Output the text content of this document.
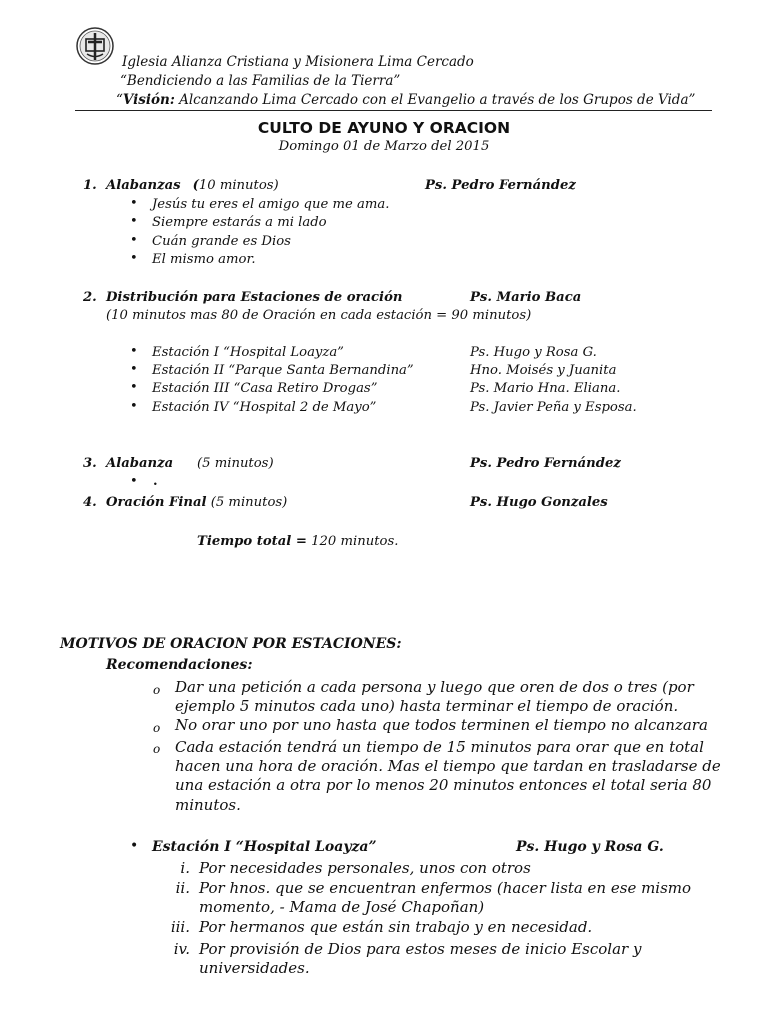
Iglesia Alianza Cristiana y Misionera Lima Cercado
“Bendiciendo a las Familias de la Tierra”
“Visión: Alcanzando Lima Cercado con el Evangelio a través de los Grupos de Vida”
CULTO DE AYUNO Y ORACION
Domingo 01 de Marzo del 2015
1. Alabanzas (10 minutos)	Ps. Pedro Fernández
• Jesús tu eres el amigo que me ama.
• Siempre estarás a mi lado
• Cuán grande es Dios
• El mismo amor.
2. Distribución para Estaciones de oración	Ps. Mario Baca
(10 minutos mas 80 de Oración en cada estación = 90 minutos)
• Estación I “Hospital Loayza”	Ps. Hugo y Rosa G.
• Estación II “Parque Santa Bernandina”	Hno. Moisés y Juanita
• Estación III “Casa Retiro Drogas”	Ps. Mario Hna. Eliana.
• Estación IV “Hospital 2 de Mayo”	Ps. Javier Peña y Esposa.
3. Alabanza (5 minutos)	Ps. Pedro Fernández
• .
4. Oración Final (5 minutos)	Ps. Hugo Gonzales
Tiempo total = 120 minutos.
MOTIVOS DE ORACION POR ESTACIONES:
Recomendaciones:
o Dar una petición a cada persona y luego que oren de dos o tres (por
ejemplo 5 minutos cada uno) hasta terminar el tiempo de oración.
o No orar uno por uno hasta que todos terminen el tiempo no alcanzara
o Cada estación tendrá un tiempo de 15 minutos para orar que en total
hacen una hora de oración. Mas el tiempo que tardan en trasladarse de
una estación a otra por lo menos 20 minutos entonces el total seria 80
minutos.
• Estación I “Hospital Loayza”	Ps. Hugo y Rosa G.
i. Por necesidades personales, unos con otros
ii. Por hnos. que se encuentran enfermos (hacer lista en ese mismo
momento, - Mama de José Chapoñan)
iii. Por hermanos que están sin trabajo y en necesidad.
iv. Por provisión de Dios para estos meses de inicio Escolar y
universidades.
